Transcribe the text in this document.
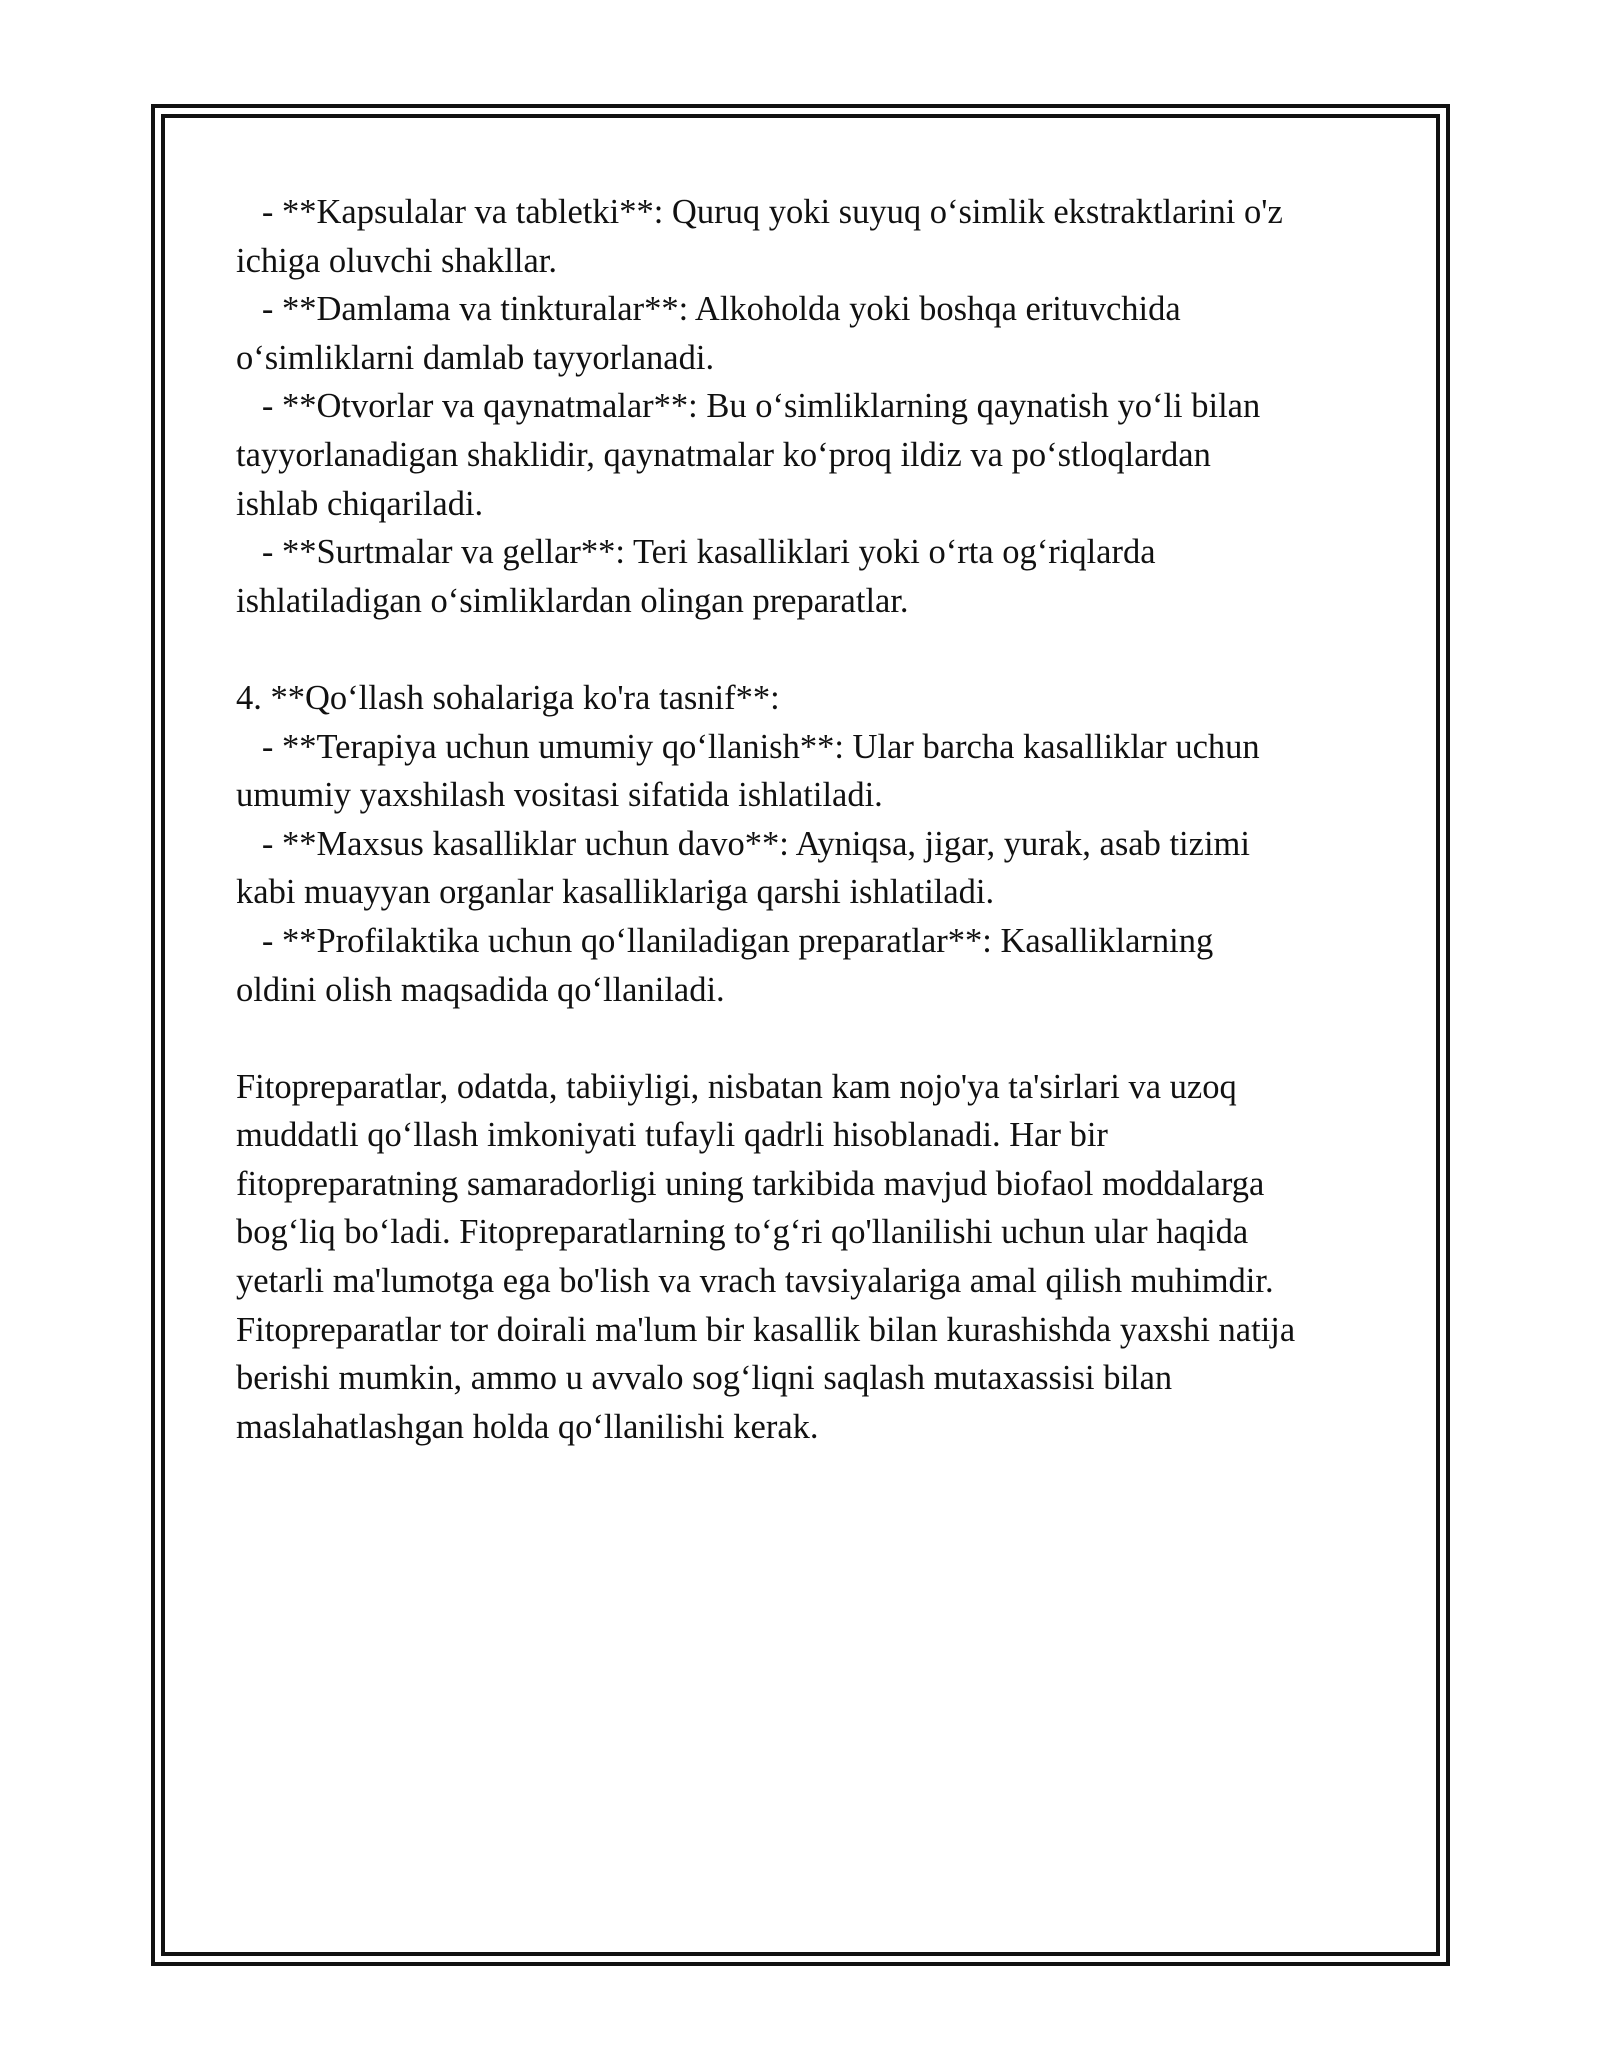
- **Kapsulalar va tabletki**: Quruq yoki suyuq o‘simlik ekstraktlarini o'z
ichiga oluvchi shakllar.
- **Damlama va tinkturalar**: Alkoholda yoki boshqa erituvchida
o‘simliklarni damlab tayyorlanadi.
- **Otvorlar va qaynatmalar**: Bu o‘simliklarning qaynatish yo‘li bilan
tayyorlanadigan shaklidir, qaynatmalar ko‘proq ildiz va po‘stloqlardan
ishlab chiqariladi.
- **Surtmalar va gellar**: Teri kasalliklari yoki o‘rta og‘riqlarda
ishlatiladigan o‘simliklardan olingan preparatlar.
4. **Qo‘llash sohalariga ko'ra tasnif**:
- **Terapiya uchun umumiy qo‘llanish**: Ular barcha kasalliklar uchun
umumiy yaxshilash vositasi sifatida ishlatiladi.
- **Maxsus kasalliklar uchun davo**: Ayniqsa, jigar, yurak, asab tizimi
kabi muayyan organlar kasalliklariga qarshi ishlatiladi.
- **Profilaktika uchun qo‘llaniladigan preparatlar**: Kasalliklarning
oldini olish maqsadida qo‘llaniladi.
Fitopreparatlar, odatda, tabiiyligi, nisbatan kam nojo'ya ta'sirlari va uzoq
muddatli qo‘llash imkoniyati tufayli qadrli hisoblanadi. Har bir
fitopreparatning samaradorligi uning tarkibida mavjud biofaol moddalarga
bog‘liq bo‘ladi. Fitopreparatlarning to‘g‘ri qo'llanilishi uchun ular haqida
yetarli ma'lumotga ega bo'lish va vrach tavsiyalariga amal qilish muhimdir.
Fitopreparatlar tor doirali ma'lum bir kasallik bilan kurashishda yaxshi natija
berishi mumkin, ammo u avvalo sog‘liqni saqlash mutaxassisi bilan
maslahatlashgan holda qo‘llanilishi kerak.
